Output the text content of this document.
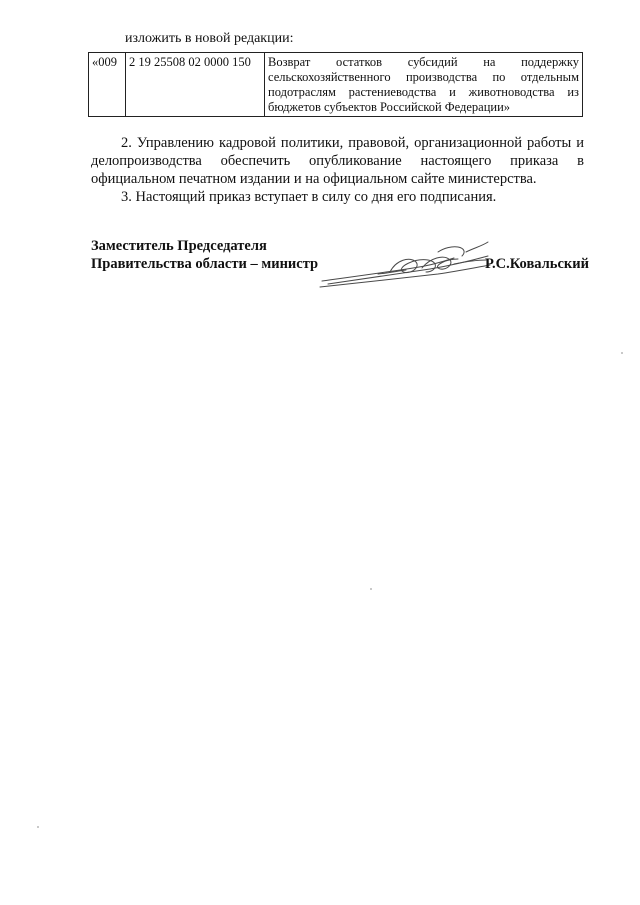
изложить в новой редакции:
«009	2 19 25508 02 0000 150	Возврат остатков субсидий на поддержку сельскохозяйственного производства по отдельным подотраслям растениеводства и животноводства из бюджетов субъектов Российской Федерации»
2. Управлению кадровой политики, правовой, организационной работы и делопроизводства обеспечить опубликование настоящего приказа в официальном печатном издании и на официальном сайте министерства.
3. Настоящий приказ вступает в силу со дня его подписания.
Заместитель Председателя
Правительства области – министр	Р.С.Ковальский
